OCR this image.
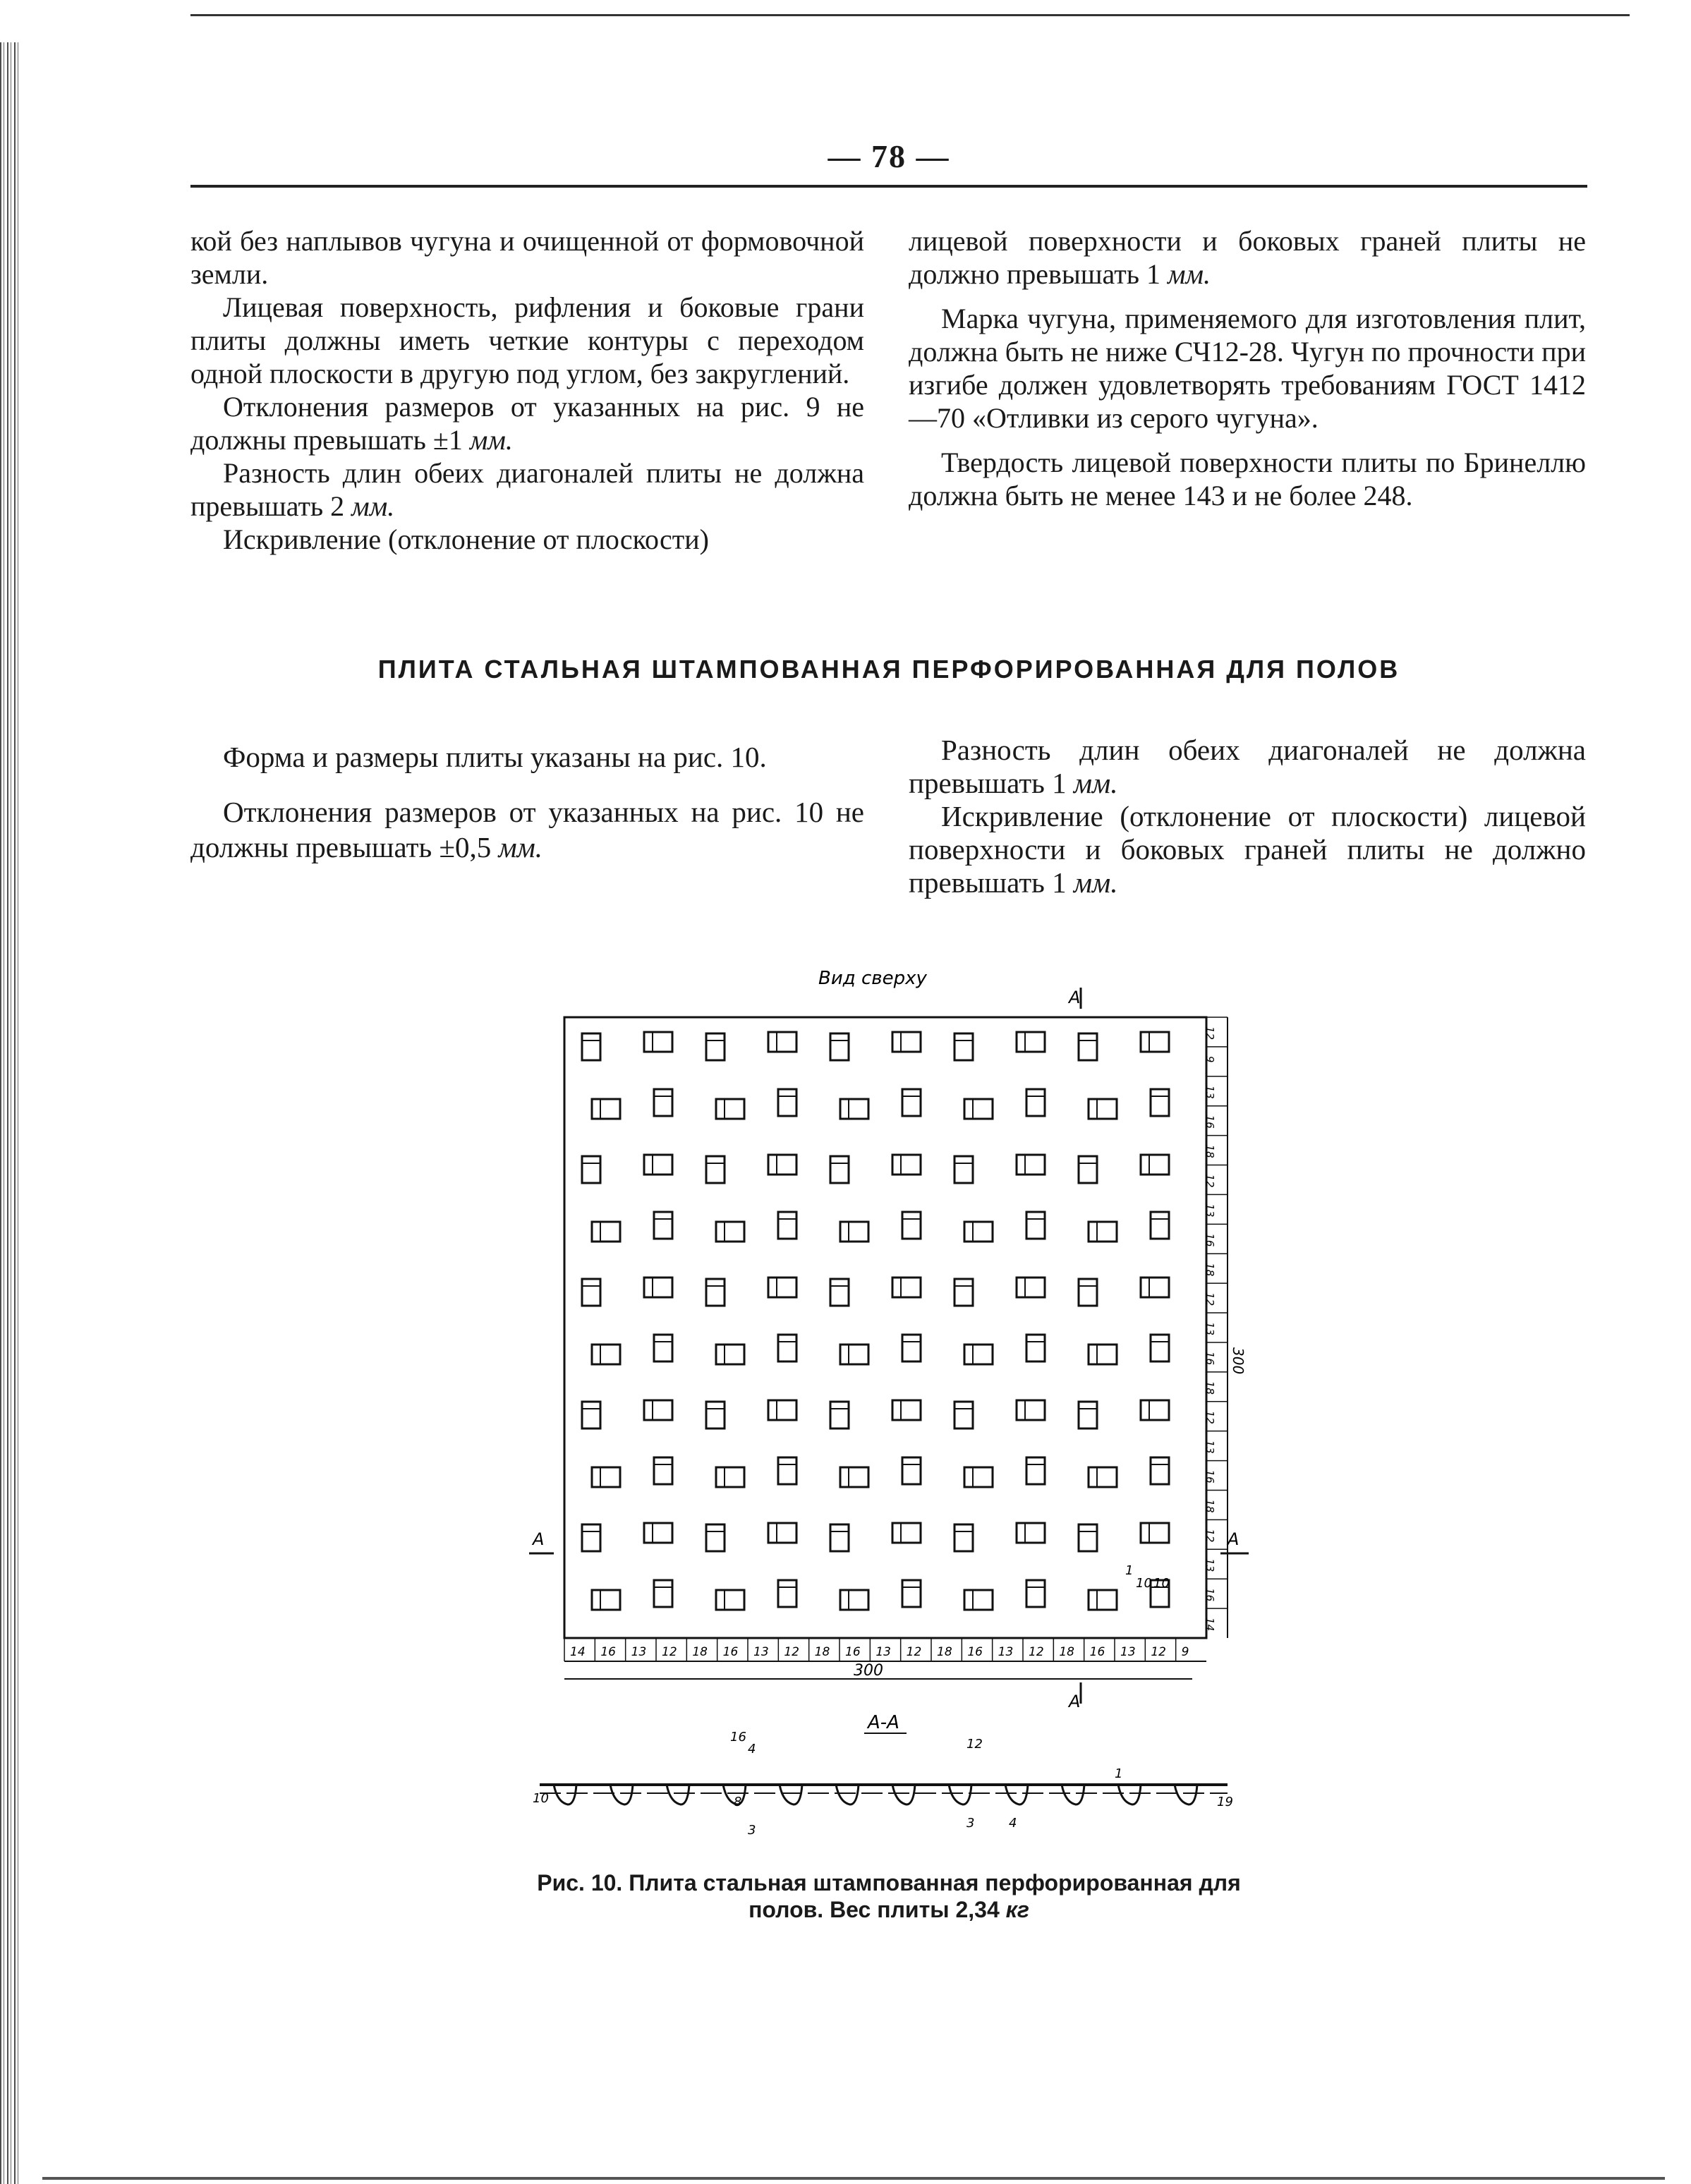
— 78 —

кой без наплывов чугуна и очищенной от формовочной земли.

Лицевая поверхность, рифления и боковые грани плиты должны иметь четкие контуры с переходом одной плоскости в другую под углом, без закруглений.

Отклонения размеров от указанных на рис. 9 не должны превышать ±1 мм.

Разность длин обеих диагоналей плиты не должна превышать 2 мм.

Искривление (отклонение от плоскости)

лицевой поверхности и боковых граней плиты не должно превышать 1 мм.

Марка чугуна, применяемого для изготовления плит, должна быть не ниже СЧ12-28. Чугун по прочности при изгибе должен удовлетворять требованиям ГОСТ 1412—70 «Отливки из серого чугуна».

Твердость лицевой поверхности плиты по Бринеллю должна быть не менее 143 и не более 248.

ПЛИТА СТАЛЬНАЯ ШТАМПОВАННАЯ ПЕРФОРИРОВАННАЯ ДЛЯ ПОЛОВ

Форма и размеры плиты указаны на рис. 10.

Отклонения размеров от указанных на рис. 10 не должны превышать ±0,5 мм.

Разность длин обеих диагоналей не должна превышать 1 мм.

Искривление (отклонение от плоскости) лицевой поверхности и боковых граней плиты не должно превышать 1 мм.

Вид сверху
А
12
9
13
16
18
12
13
16
18
12
13
16
18
12
13
16
18
12
13
16
14
300
14 16 13 12 18 16 13 12 18 16 13 12 18 16 13 12 18 16 13 12 9
300
А
А	А
А-А
16
4	12
10	8
3	3	4
1
19
1
10 10
Рис. 10. Плита стальная штампованная перфорированная для полов. Вес плиты 2,34 кг
